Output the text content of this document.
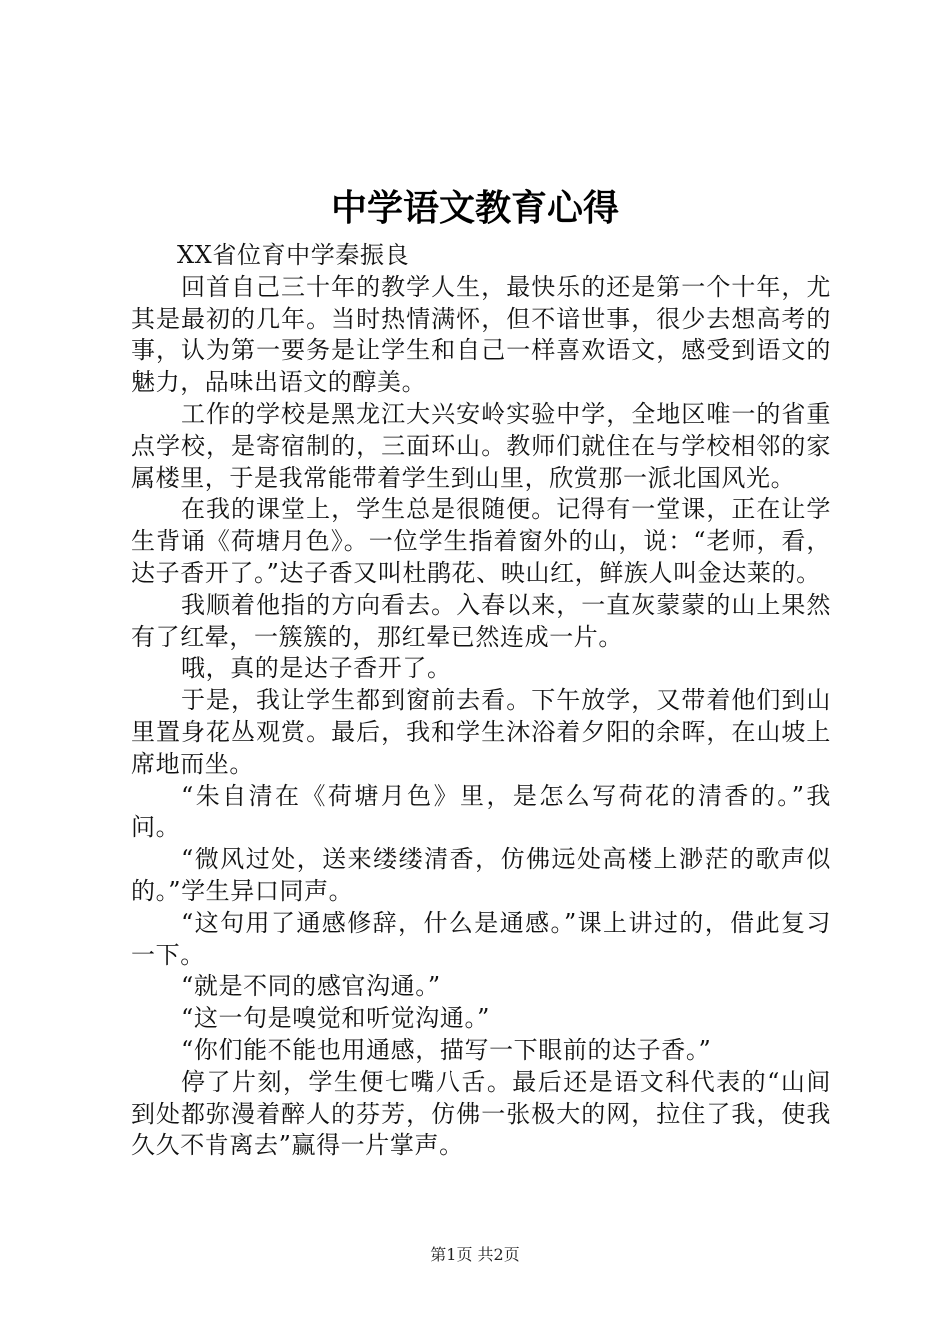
中学语文教育心得

XX省位育中学秦振良

回首自己三十年的教学人生，最快乐的还是第一个十年，尤其是最初的几年。当时热情满怀，但不谙世事，很少去想高考的事，认为第一要务是让学生和自己一样喜欢语文，感受到语文的魅力，品味出语文的醇美。

工作的学校是黑龙江大兴安岭实验中学，全地区唯一的省重点学校，是寄宿制的，三面环山。教师们就住在与学校相邻的家属楼里，于是我常能带着学生到山里，欣赏那一派北国风光。

在我的课堂上，学生总是很随便。记得有一堂课，正在让学生背诵《荷塘月色》。一位学生指着窗外的山，说：“老师，看，达子香开了。”达子香又叫杜鹃花、映山红，鲜族人叫金达莱的。

我顺着他指的方向看去。入春以来，一直灰蒙蒙的山上果然有了红晕，一簇簇的，那红晕已然连成一片。

哦，真的是达子香开了。

于是，我让学生都到窗前去看。下午放学，又带着他们到山里置身花丛观赏。最后，我和学生沐浴着夕阳的余晖，在山坡上席地而坐。

“朱自清在《荷塘月色》里，是怎么写荷花的清香的。”我问。

“微风过处，送来缕缕清香，仿佛远处高楼上渺茫的歌声似的。”学生异口同声。

“这句用了通感修辞，什么是通感。”课上讲过的，借此复习一下。

“就是不同的感官沟通。”

“这一句是嗅觉和听觉沟通。”

“你们能不能也用通感，描写一下眼前的达子香。”

停了片刻，学生便七嘴八舌。最后还是语文科代表的“山间到处都弥漫着醉人的芬芳，仿佛一张极大的网，拉住了我，使我久久不肯离去”赢得一片掌声。

第1页 共2页
